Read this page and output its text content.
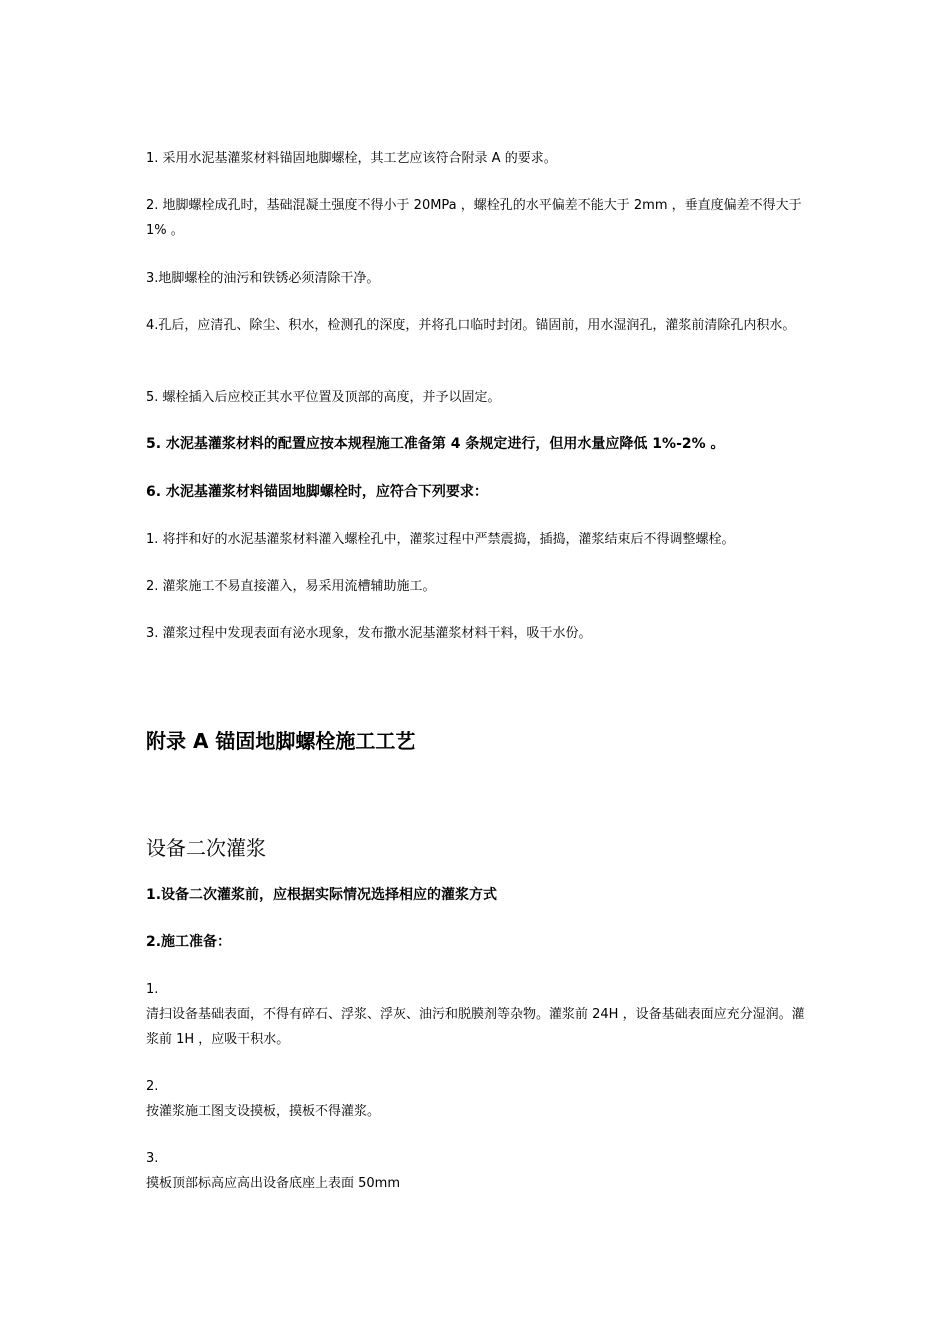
1. 采用水泥基灌浆材料锚固地脚螺栓，其工艺应该符合附录 A 的要求。
2. 地脚螺栓成孔时，基础混凝土强度不得小于 20MPa ，螺栓孔的水平偏差不能大于 2mm ，垂直度偏差不得大于 1% 。
3.地脚螺栓的油污和铁锈必须清除干净。
4.孔后，应清孔、除尘、积水，检测孔的深度，并将孔口临时封闭。锚固前，用水湿润孔，灌浆前清除孔内积水。
5. 螺栓插入后应校正其水平位置及顶部的高度，并予以固定。
5. 水泥基灌浆材料的配置应按本规程施工准备第 4 条规定进行，但用水量应降低 1%-2% 。
6. 水泥基灌浆材料锚固地脚螺栓时，应符合下列要求：
1. 将拌和好的水泥基灌浆材料灌入螺栓孔中，灌浆过程中严禁震捣，插捣，灌浆结束后不得调整螺栓。
2. 灌浆施工不易直接灌入，易采用流槽辅助施工。
3. 灌浆过程中发现表面有泌水现象，发布撒水泥基灌浆材料干料，吸干水份。
附录 A 锚固地脚螺栓施工工艺
设备二次灌浆
1.设备二次灌浆前，应根据实际情况选择相应的灌浆方式
2.施工准备：
1.
清扫设备基础表面，不得有碎石、浮浆、浮灰、油污和脱膜剂等杂物。灌浆前 24H ，设备基础表面应充分湿润。灌浆前 1H ，应吸干积水。
2.
按灌浆施工图支设摸板，摸板不得灌浆。
3.
摸板顶部标高应高出设备底座上表面 50mm
